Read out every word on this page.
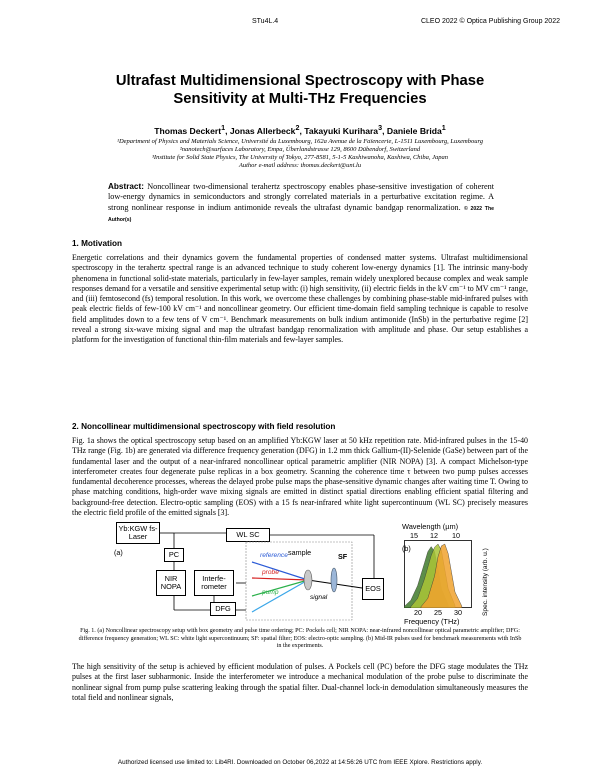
STu4L.4	CLEO 2022 © Optica Publishing Group 2022
Ultrafast Multidimensional Spectroscopy with Phase
Sensitivity at Multi-THz Frequencies
Thomas Deckert$^1$, Jonas Allerbeck$^2$, Takayuki Kurihara$^3$, Daniele Brida$^1$
¹Department of Physics and Materials Science, Université du Luxembourg, 162a Avenue de la Faïencerie, L-1511 Luxembourg, Luxembourg
²nanotech@surfaces Laboratory, Empa, Überlandstrasse 129, 8600 Dübendorf, Switzerland
³Institute for Solid State Physics, The University of Tokyo, 277-8581, 5-1-5 Kashiwanoha, Kashiwa, Chiba, Japan
Author e-mail address: thomas.deckert@uni.lu
Abstract: Noncollinear two-dimensional terahertz spectroscopy enables phase-sensitive investigation of coherent low-energy dynamics in semiconductors and strongly correlated materials in a perturbative excitation regime. A strong nonlinear response in indium antimonide reveals the ultrafast dynamic bandgap renormalization. © 2022 The Author(s)
1. Motivation

Energetic correlations and their dynamics govern the fundamental properties of condensed matter systems. Ultrafast multidimensional spectroscopy in the terahertz spectral range is an advanced technique to study coherent low-energy dynamics [1]. The intrinsic many-body phenomena in functional solid-state materials, particularly in few-layer samples, remain widely unexplored because complex and weak sample responses demand for a versatile and sensitive experimental setup with: (i) high sensitivity, (ii) electric fields in the kV cm⁻¹ to MV cm⁻¹ range, and (iii) femtosecond (fs) temporal resolution. In this work, we overcome these challenges by combining phase-stable mid-infrared pulses with peak electric fields of few-100 kV cm⁻¹ and noncollinear geometry. Our efficient time-domain field sampling technique is capable to resolve field amplitudes down to a few tens of V cm⁻¹. Benchmark measurements on bulk indium antimonide (InSb) in the perturbative regime [2] reveal a strong six-wave mixing signal and map the ultrafast bandgap renormalization with amplitude and phase. Our setup establishes a platform for the investigation of functional thin-film materials and few-layer samples.

2. Noncollinear multidimensional spectroscopy with field resolution

Fig. 1a shows the optical spectroscopy setup based on an amplified Yb:KGW laser at 50 kHz repetition rate. Mid-infrared pulses in the 15-40 THz range (Fig. 1b) are generated via difference frequency generation (DFG) in 1.2 mm thick Gallium-(II)-Selenide (GaSe) between part of the fundamental laser and the output of a near-infrared noncollinear optical parametric amplifier (NIR NOPA) [3]. A compact Michelson-type interferometer creates four degenerate pulse replicas in a box geometry. Scanning the coherence time τ between two pump pulses accesses fundamental decoherence processes, whereas the delayed probe pulse maps the phase-sensitive dynamic changes after waiting time T. Owing to phase matching conditions, high-order wave mixing signals are emitted in distinct spatial directions enabling efficient spatial filtering and background-free detection. Electro-optic sampling (EOS) with a 15 fs near-infrared white light supercontinuum (WL SC) precisely measures the electric field profile of the emitted signals [3].

Yb:KGW fs-Laser
(a)	PC
NIR NOPA
Interfe-rometer
DFG
WL SC
EOS
sample	SF
reference
probe
pump
signal
Wavelength (µm)
(b)
15 12 10
20 25 30
Frequency (THz)
Spec. intensity (arb. u.)
Fig. 1. (a) Noncollinear spectroscopy setup with box geometry and pulse time ordering; PC: Pockels cell; NIR NOPA: near-infrared noncollinear optical parametric amplifier; DFG: difference frequency generation; WL SC: white light supercontinuum; SF: spatial filter; EOS: electro-optic sampling. (b) Mid-IR pulses used for benchmark measurements with InSb in the experiments.

The high sensitivity of the setup is achieved by efficient modulation of pulses. A Pockels cell (PC) before the DFG stage modulates the THz pulses at the first laser subharmonic. Inside the interferometer we introduce a mechanical modulation of the probe pulse to discriminate the nonlinear signal from pump pulse scattering leaking through the spatial filter. Dual-channel lock-in demodulation simultaneously measures the total field and nonlinear signals,

Authorized licensed use limited to: Lib4RI. Downloaded on October 06,2022 at 14:56:26 UTC from IEEE Xplore. Restrictions apply.
